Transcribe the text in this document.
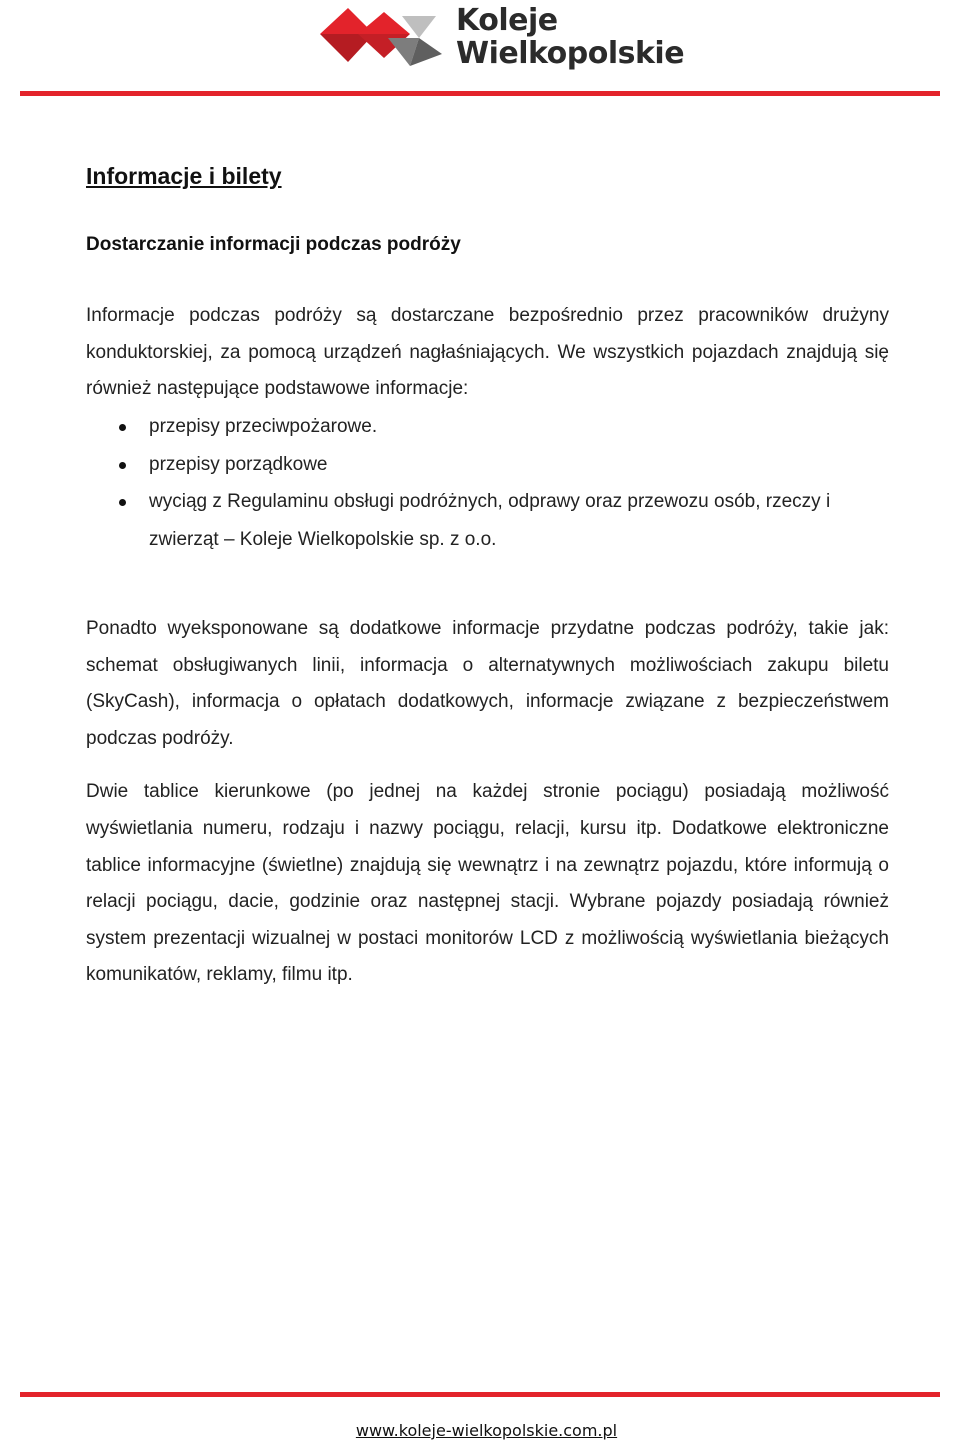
Koleje
Wielkopolskie
Informacje i bilety
Dostarczanie informacji podczas podróży

Informacje podczas podróży są dostarczane bezpośrednio przez pracowników drużyny konduktorskiej, za pomocą urządzeń nagłaśniających. We wszystkich pojazdach znajdują się również następujące podstawowe informacje:

przepisy przeciwpożarowe.
przepisy porządkowe
wyciąg z Regulaminu obsługi podróżnych, odprawy oraz przewozu osób, rzeczy i zwierząt – Koleje Wielkopolskie sp. z o.o.

Ponadto wyeksponowane są dodatkowe informacje przydatne podczas podróży, takie jak: schemat obsługiwanych linii, informacja o alternatywnych możliwościach zakupu biletu (SkyCash), informacja o opłatach dodatkowych, informacje związane z bezpieczeństwem podczas podróży.

Dwie tablice kierunkowe (po jednej na każdej stronie pociągu) posiadają możliwość wyświetlania numeru, rodzaju i nazwy pociągu, relacji, kursu itp. Dodatkowe elektroniczne tablice informacyjne (świetlne) znajdują się wewnątrz i na zewnątrz pojazdu, które informują o relacji pociągu, dacie, godzinie oraz następnej stacji. Wybrane pojazdy posiadają również system prezentacji wizualnej w postaci monitorów LCD z możliwością wyświetlania bieżących komunikatów, reklamy, filmu itp.

www.koleje-wielkopolskie.com.pl
